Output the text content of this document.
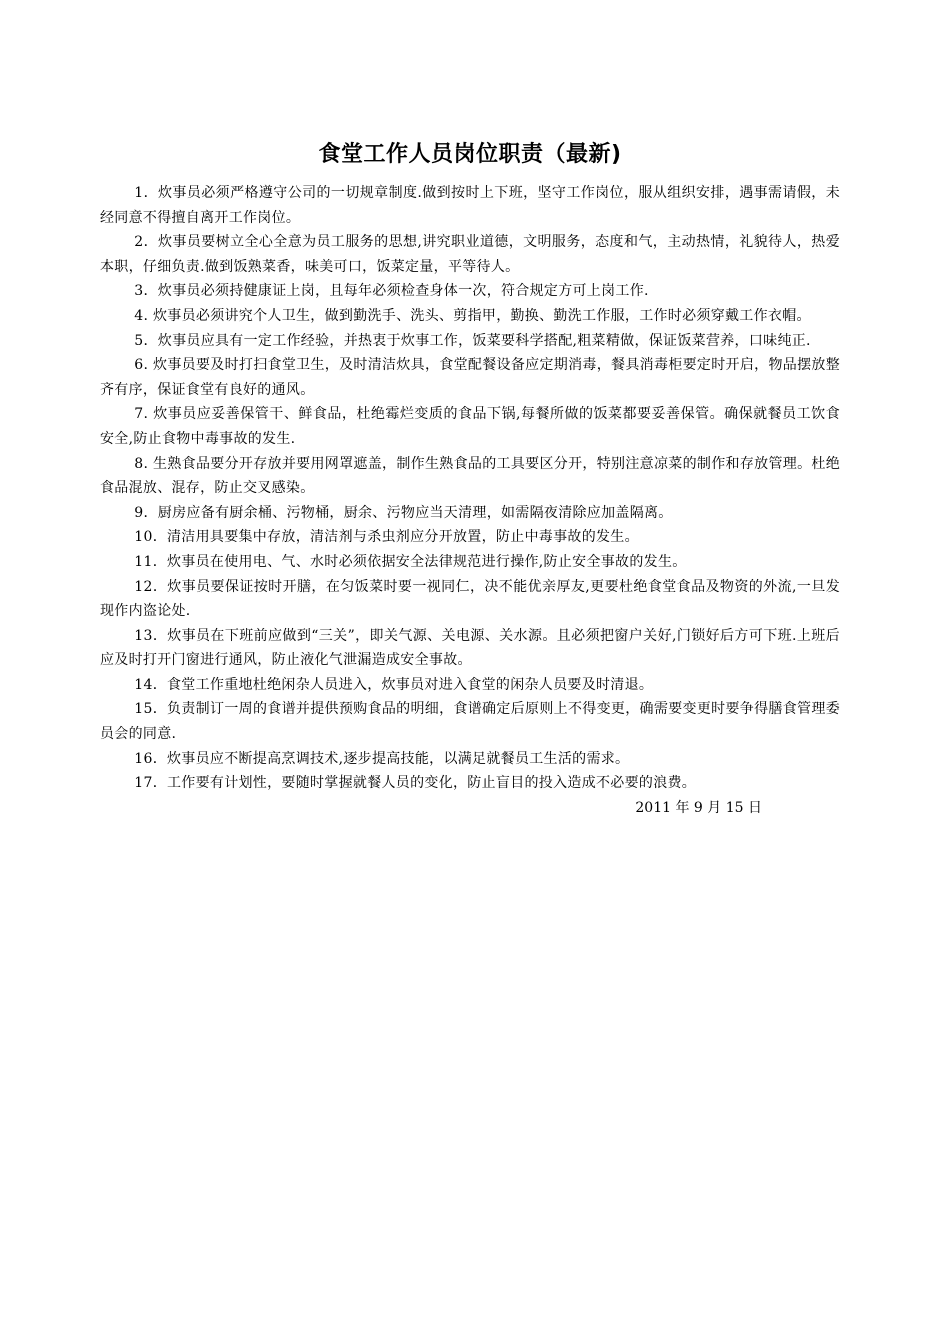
食堂工作人员岗位职责（最新)

1．炊事员必须严格遵守公司的一切规章制度.做到按时上下班，坚守工作岗位，服从组织安排，遇事需请假，未经同意不得擅自离开工作岗位。

2．炊事员要树立全心全意为员工服务的思想,讲究职业道德，文明服务，态度和气，主动热情，礼貌待人，热爱本职，仔细负责.做到饭熟菜香，味美可口，饭菜定量，平等待人。

3．炊事员必须持健康证上岗，且每年必须检查身体一次，符合规定方可上岗工作.

4. 炊事员必须讲究个人卫生，做到勤洗手、洗头、剪指甲，勤换、勤洗工作服，工作时必须穿戴工作衣帽。

5．炊事员应具有一定工作经验，并热衷于炊事工作，饭菜要科学搭配,粗菜精做，保证饭菜营养，口味纯正.

6. 炊事员要及时打扫食堂卫生，及时清洁炊具，食堂配餐设备应定期消毒，餐具消毒柜要定时开启，物品摆放整齐有序，保证食堂有良好的通风。

7. 炊事员应妥善保管干、鲜食品，杜绝霉烂变质的食品下锅,每餐所做的饭菜都要妥善保管。确保就餐员工饮食安全,防止食物中毒事故的发生.

8. 生熟食品要分开存放并要用网罩遮盖，制作生熟食品的工具要区分开，特别注意凉菜的制作和存放管理。杜绝食品混放、混存，防止交叉感染。

9．厨房应备有厨余桶、污物桶，厨余、污物应当天清理，如需隔夜清除应加盖隔离。

10．清洁用具要集中存放，清洁剂与杀虫剂应分开放置，防止中毒事故的发生。

11．炊事员在使用电、气、水时必须依据安全法律规范进行操作,防止安全事故的发生。

12．炊事员要保证按时开膳，在匀饭菜时要一视同仁，决不能优亲厚友,更要杜绝食堂食品及物资的外流,一旦发现作内盗论处.

13．炊事员在下班前应做到“三关”，即关气源、关电源、关水源。且必须把窗户关好,门锁好后方可下班.上班后应及时打开门窗进行通风，防止液化气泄漏造成安全事故。

14．食堂工作重地杜绝闲杂人员进入，炊事员对进入食堂的闲杂人员要及时清退。

15．负责制订一周的食谱并提供预购食品的明细，食谱确定后原则上不得变更，确需要变更时要争得膳食管理委员会的同意.

16．炊事员应不断提高烹调技术,逐步提高技能，以满足就餐员工生活的需求。

17．工作要有计划性，要随时掌握就餐人员的变化，防止盲目的投入造成不必要的浪费。

2011 年 9 月 15 日
